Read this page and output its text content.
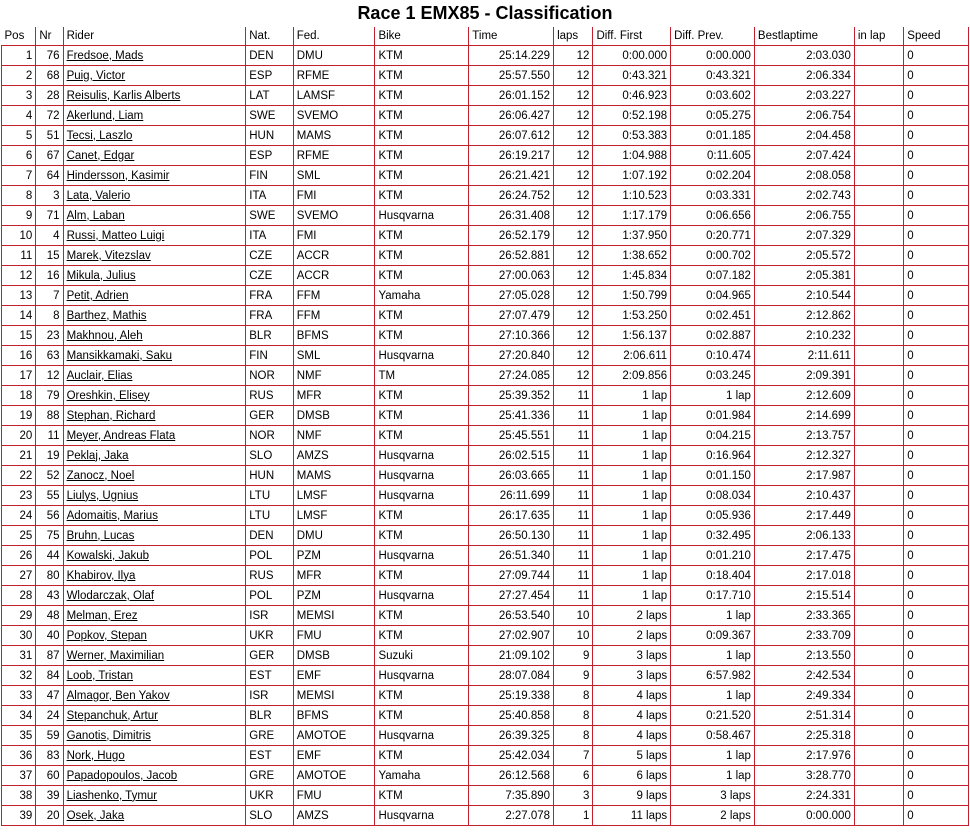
Race 1 EMX85 - Classification
Pos	Nr	Rider	Nat.	Fed.	Bike	Time	laps	Diff. First	Diff. Prev.	Bestlaptime	in lap	Speed
1	76	Fredsoe, Mads	DEN	DMU	KTM	25:14.229	12	0:00.000	0:00.000	2:03.030		0
2	68	Puig, Victor	ESP	RFME	KTM	25:57.550	12	0:43.321	0:43.321	2:06.334		0
3	28	Reisulis, Karlis Alberts	LAT	LAMSF	KTM	26:01.152	12	0:46.923	0:03.602	2:03.227		0
4	72	Akerlund, Liam	SWE	SVEMO	KTM	26:06.427	12	0:52.198	0:05.275	2:06.754		0
5	51	Tecsi, Laszlo	HUN	MAMS	KTM	26:07.612	12	0:53.383	0:01.185	2:04.458		0
6	67	Canet, Edgar	ESP	RFME	KTM	26:19.217	12	1:04.988	0:11.605	2:07.424		0
7	64	Hindersson, Kasimir	FIN	SML	KTM	26:21.421	12	1:07.192	0:02.204	2:08.058		0
8	3	Lata, Valerio	ITA	FMI	KTM	26:24.752	12	1:10.523	0:03.331	2:02.743		0
9	71	Alm, Laban	SWE	SVEMO	Husqvarna	26:31.408	12	1:17.179	0:06.656	2:06.755		0
10	4	Russi, Matteo Luigi	ITA	FMI	KTM	26:52.179	12	1:37.950	0:20.771	2:07.329		0
11	15	Marek, Vitezslav	CZE	ACCR	KTM	26:52.881	12	1:38.652	0:00.702	2:05.572		0
12	16	Mikula, Julius	CZE	ACCR	KTM	27:00.063	12	1:45.834	0:07.182	2:05.381		0
13	7	Petit, Adrien	FRA	FFM	Yamaha	27:05.028	12	1:50.799	0:04.965	2:10.544		0
14	8	Barthez, Mathis	FRA	FFM	KTM	27:07.479	12	1:53.250	0:02.451	2:12.862		0
15	23	Makhnou, Aleh	BLR	BFMS	KTM	27:10.366	12	1:56.137	0:02.887	2:10.232		0
16	63	Mansikkamaki, Saku	FIN	SML	Husqvarna	27:20.840	12	2:06.611	0:10.474	2:11.611		0
17	12	Auclair, Elias	NOR	NMF	TM	27:24.085	12	2:09.856	0:03.245	2:09.391		0
18	79	Oreshkin, Elisey	RUS	MFR	KTM	25:39.352	11	1 lap	1 lap	2:12.609		0
19	88	Stephan, Richard	GER	DMSB	KTM	25:41.336	11	1 lap	0:01.984	2:14.699		0
20	11	Meyer, Andreas Flata	NOR	NMF	KTM	25:45.551	11	1 lap	0:04.215	2:13.757		0
21	19	Peklaj, Jaka	SLO	AMZS	Husqvarna	26:02.515	11	1 lap	0:16.964	2:12.327		0
22	52	Zanocz, Noel	HUN	MAMS	Husqvarna	26:03.665	11	1 lap	0:01.150	2:17.987		0
23	55	Liulys, Ugnius	LTU	LMSF	Husqvarna	26:11.699	11	1 lap	0:08.034	2:10.437		0
24	56	Adomaitis, Marius	LTU	LMSF	KTM	26:17.635	11	1 lap	0:05.936	2:17.449		0
25	75	Bruhn, Lucas	DEN	DMU	KTM	26:50.130	11	1 lap	0:32.495	2:06.133		0
26	44	Kowalski, Jakub	POL	PZM	Husqvarna	26:51.340	11	1 lap	0:01.210	2:17.475		0
27	80	Khabirov, Ilya	RUS	MFR	KTM	27:09.744	11	1 lap	0:18.404	2:17.018		0
28	43	Wlodarczak, Olaf	POL	PZM	Husqvarna	27:27.454	11	1 lap	0:17.710	2:15.514		0
29	48	Melman, Erez	ISR	MEMSI	KTM	26:53.540	10	2 laps	1 lap	2:33.365		0
30	40	Popkov, Stepan	UKR	FMU	KTM	27:02.907	10	2 laps	0:09.367	2:33.709		0
31	87	Werner, Maximilian	GER	DMSB	Suzuki	21:09.102	9	3 laps	1 lap	2:13.550		0
32	84	Loob, Tristan	EST	EMF	Husqvarna	28:07.084	9	3 laps	6:57.982	2:42.534		0
33	47	Almagor, Ben Yakov	ISR	MEMSI	KTM	25:19.338	8	4 laps	1 lap	2:49.334		0
34	24	Stepanchuk, Artur	BLR	BFMS	KTM	25:40.858	8	4 laps	0:21.520	2:51.314		0
35	59	Ganotis, Dimitris	GRE	AMOTOE	Husqvarna	26:39.325	8	4 laps	0:58.467	2:25.318		0
36	83	Nork, Hugo	EST	EMF	KTM	25:42.034	7	5 laps	1 lap	2:17.976		0
37	60	Papadopoulos, Jacob	GRE	AMOTOE	Yamaha	26:12.568	6	6 laps	1 lap	3:28.770		0
38	39	Liashenko, Tymur	UKR	FMU	KTM	7:35.890	3	9 laps	3 laps	2:24.331		0
39	20	Osek, Jaka	SLO	AMZS	Husqvarna	2:27.078	1	11 laps	2 laps	0:00.000		0
